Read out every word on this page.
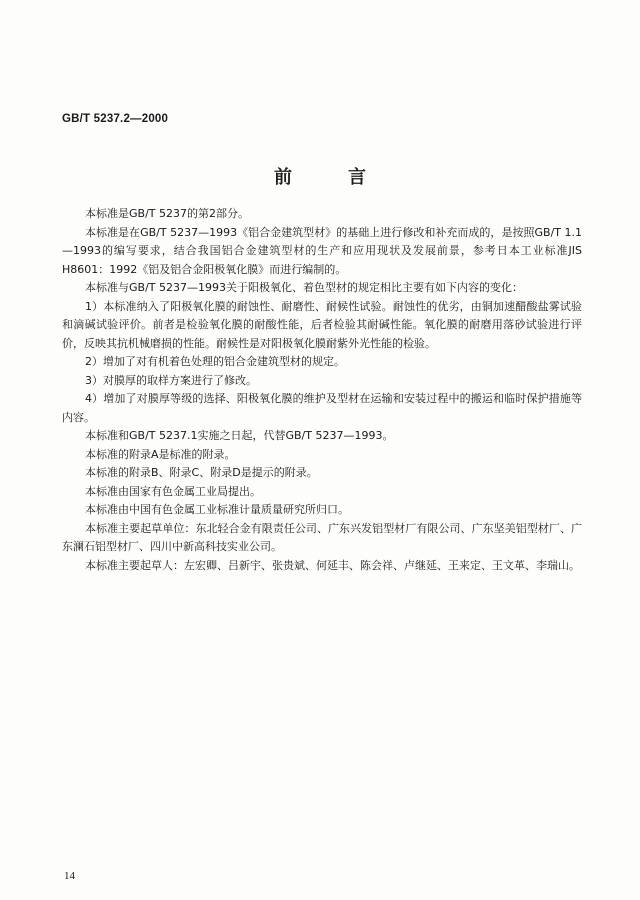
GB/T 5237.2—2000
前言

本标准是GB/T 5237的第2部分。

本标准是在GB/T 5237—1993《铝合金建筑型材》的基础上进行修改和补充而成的，是按照GB/T 1.1—1993的编写要求，结合我国铝合金建筑型材的生产和应用现状及发展前景，参考日本工业标准JIS H8601：1992《铝及铝合金阳极氧化膜》而进行编制的。

本标准与GB/T 5237—1993关于阳极氧化、着色型材的规定相比主要有如下内容的变化：

1）本标准纳入了阳极氧化膜的耐蚀性、耐磨性、耐候性试验。耐蚀性的优劣，由铜加速醋酸盐雾试验和滴碱试验评价。前者是检验氧化膜的耐酸性能，后者检验其耐碱性能。氧化膜的耐磨用落砂试验进行评价，反映其抗机械磨损的性能。耐候性是对阳极氧化膜耐紫外光性能的检验。

2）增加了对有机着色处理的铝合金建筑型材的规定。

3）对膜厚的取样方案进行了修改。

4）增加了对膜厚等级的选择、阳极氧化膜的维护及型材在运输和安装过程中的搬运和临时保护措施等内容。

本标准和GB/T 5237.1实施之日起，代替GB/T 5237—1993。

本标准的附录A是标准的附录。

本标准的附录B、附录C、附录D是提示的附录。

本标准由国家有色金属工业局提出。

本标准由中国有色金属工业标准计量质量研究所归口。

本标准主要起草单位：东北轻合金有限责任公司、广东兴发铝型材厂有限公司、广东坚美铝型材厂、广东澜石铝型材厂、四川中新高科技实业公司。

本标准主要起草人：左宏卿、吕新宇、张贵斌、何延丰、陈会祥、卢继延、王来定、王文革、李瑞山。

14
